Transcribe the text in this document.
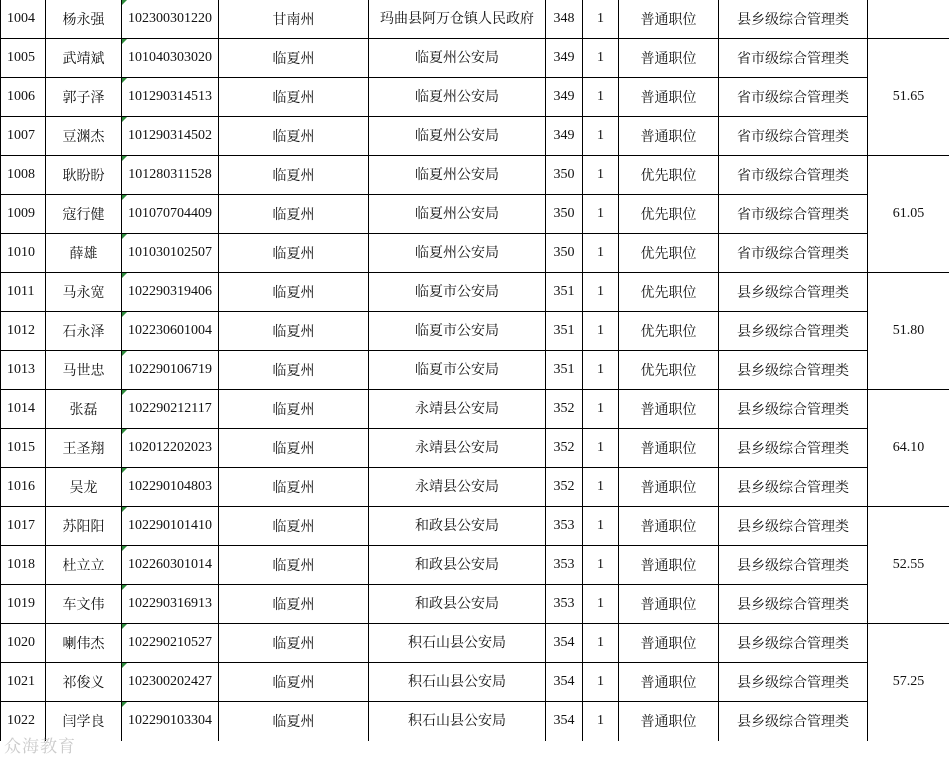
1004	杨永强	102300301220	甘南州	玛曲县阿万仓镇人民政府	348	1	普通职位	县乡级综合管理类	
1005	武靖斌	101040303020	临夏州	临夏州公安局	349	1	普通职位	省市级综合管理类	
1006	郭子泽	101290314513	临夏州	临夏州公安局	349	1	普通职位	省市级综合管理类	51.65
1007	豆渊杰	101290314502	临夏州	临夏州公安局	349	1	普通职位	省市级综合管理类	
1008	耿盼盼	101280311528	临夏州	临夏州公安局	350	1	优先职位	省市级综合管理类	
1009	寇行健	101070704409	临夏州	临夏州公安局	350	1	优先职位	省市级综合管理类	61.05
1010	薛雄	101030102507	临夏州	临夏州公安局	350	1	优先职位	省市级综合管理类	
1011	马永宽	102290319406	临夏州	临夏市公安局	351	1	优先职位	县乡级综合管理类	
1012	石永泽	102230601004	临夏州	临夏市公安局	351	1	优先职位	县乡级综合管理类	51.80
1013	马世忠	102290106719	临夏州	临夏市公安局	351	1	优先职位	县乡级综合管理类	
1014	张磊	102290212117	临夏州	永靖县公安局	352	1	普通职位	县乡级综合管理类	
1015	王圣翔	102012202023	临夏州	永靖县公安局	352	1	普通职位	县乡级综合管理类	64.10
1016	吴龙	102290104803	临夏州	永靖县公安局	352	1	普通职位	县乡级综合管理类	
1017	苏阳阳	102290101410	临夏州	和政县公安局	353	1	普通职位	县乡级综合管理类	
1018	杜立立	102260301014	临夏州	和政县公安局	353	1	普通职位	县乡级综合管理类	52.55
1019	车文伟	102290316913	临夏州	和政县公安局	353	1	普通职位	县乡级综合管理类	
1020	喇伟杰	102290210527	临夏州	积石山县公安局	354	1	普通职位	县乡级综合管理类	
1021	祁俊义	102300202427	临夏州	积石山县公安局	354	1	普通职位	县乡级综合管理类	57.25
1022	闫学良	102290103304	临夏州	积石山县公安局	354	1	普通职位	县乡级综合管理类	
众海教育
